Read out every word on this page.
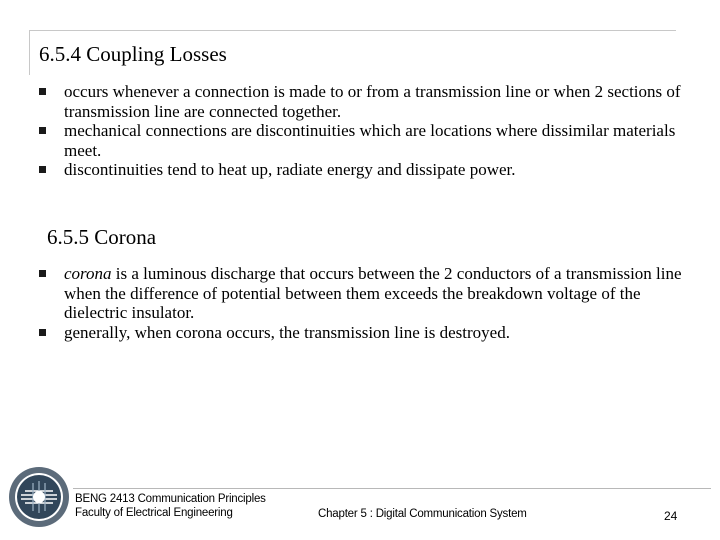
6.5.4 Coupling Losses
occurs whenever a connection is made to or from a transmission line or when 2 sections of transmission line are connected together.
mechanical connections are discontinuities which are locations where dissimilar materials meet.
discontinuities tend to heat up, radiate energy and dissipate power.
6.5.5 Corona
corona is a luminous discharge that occurs between the 2 conductors of a transmission line when the difference of potential between them exceeds the breakdown voltage of the dielectric insulator.
generally, when corona occurs, the transmission line is destroyed.
BENG 2413 Communication Principles
Faculty of Electrical Engineering	Chapter 5 : Digital Communication System	24
